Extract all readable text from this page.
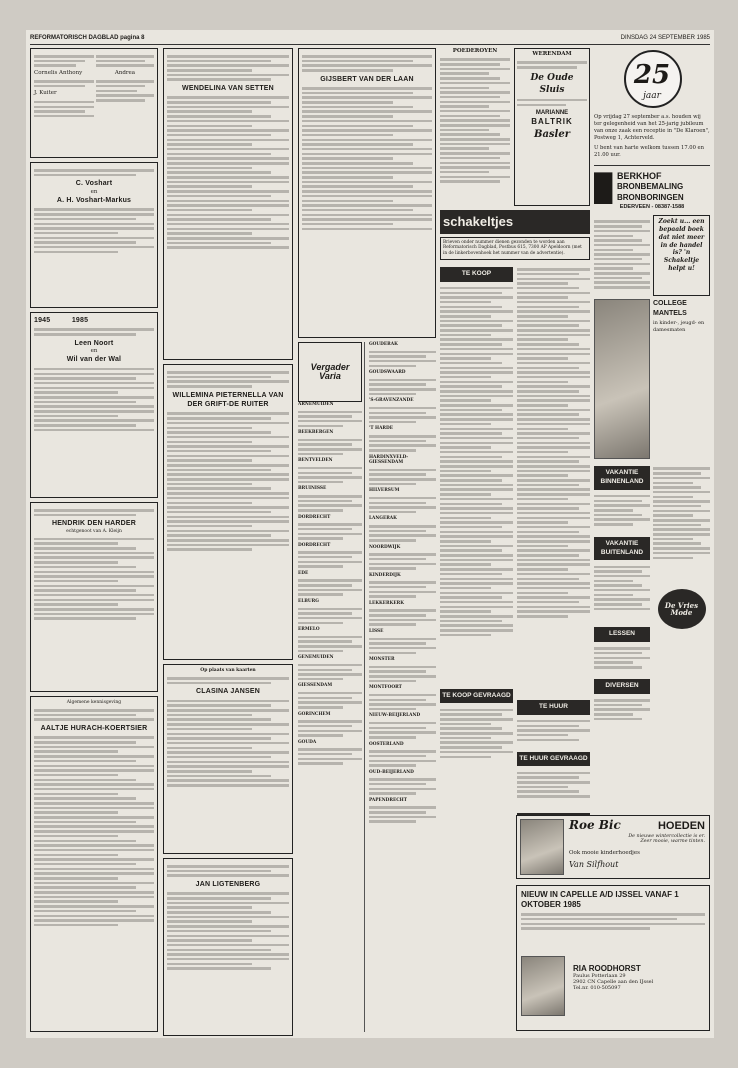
REFORMATORISCH DAGBLAD pagina 8	DINSDAG 24 SEPTEMBER 1985
Cornelis Anthony
J. Kuiter
Andrea
C. Voshart
en
A. H. Voshart-Markus
1945          1985
Leen Noort
en
Wil van der Wal
HENDRIK DEN HARDER
echtgenoot van A. Kleijn
Algemene kennisgeving
AALTJE HURACH-KOERTSIER
WENDELINA VAN SETTEN
WILLEMINA PIETERNELLA VAN DER GRIFT-DE RUITER
Op plaats van kaarten
CLASINA JANSEN
JAN LIGTENBERG
GIJSBERT VAN DER LAAN
Vergader Varia
ARNEMUIDEN
BEEKBERGEN
BENTVELDEN
BRUINISSE
DORDRECHT
DORDRECHT
EDE
ELBURG
ERMELO
GENEMUIDEN
GIESSENDAM
GORINCHEM
GOUDA
GOUDERAK
GOUDSWAARD
'S-GRAVENZANDE
'T HARDE
HARDINXVELD-GIESSENDAM
HILVERSUM
LANGERAK
NOORDWIJK
KINDERDIJK
LEKKERKERK
LISSE
MONSTER
MONTFOORT
NIEUW-BEIJERLAND
OOSTERLAND
OUD-BEIJERLAND
PAPENDRECHT
POEDEROYEN	WERENDAM
De Oude Sluis
MARIANNE
BALTRIK
Basler
schakeltjes
Brieven onder nummer dienen gezonden te worden aan Reformatorisch Dagblad, Postbus 615, 7300 AP Apeldoorn (met in de linkerbovenhoek het nummer van de advertentie).
TE KOOP
TE KOOP GEVRAAGD
TE HUUR
TE HUUR GEVRAAGD
25
jaar
Op vrijdag 27 september a.s. houden wij ter gelegenheid van het 25-jarig jubileum van onze zaak een receptie in "De Klaroen", Postweg 1, Achterveld.
U bent van harte welkom tussen 17.00 en 21.00 uur.
█ BERKHOF
BRONBEMALING
BRONBORINGEN
EDERVEEN - 08387-1588
Zoekt u... een bepaald boek dat niet meer in de handel is? 'n Schakeltje helpt u!
COLLEGE MANTELS
in kinder-, jeugd- en damesmaten
VAKANTIE BINNENLAND
VAKANTIE BUITENLAND
LESSEN
DIVERSEN
De Vries Mode
Roe Bic	HOEDEN
De nieuwe wintercollectie is er. Zeer mooie, warme tinten.
Ook mooie kinderhoedjes
Van Silfhout
NIEUW IN CAPELLE A/D IJSSEL VANAF 1 OKTOBER 1985
RIA ROODHORST
Paulus Potterlaan 29
2902 CN Capelle aan den IJssel
Tel.nr. 010-505097
